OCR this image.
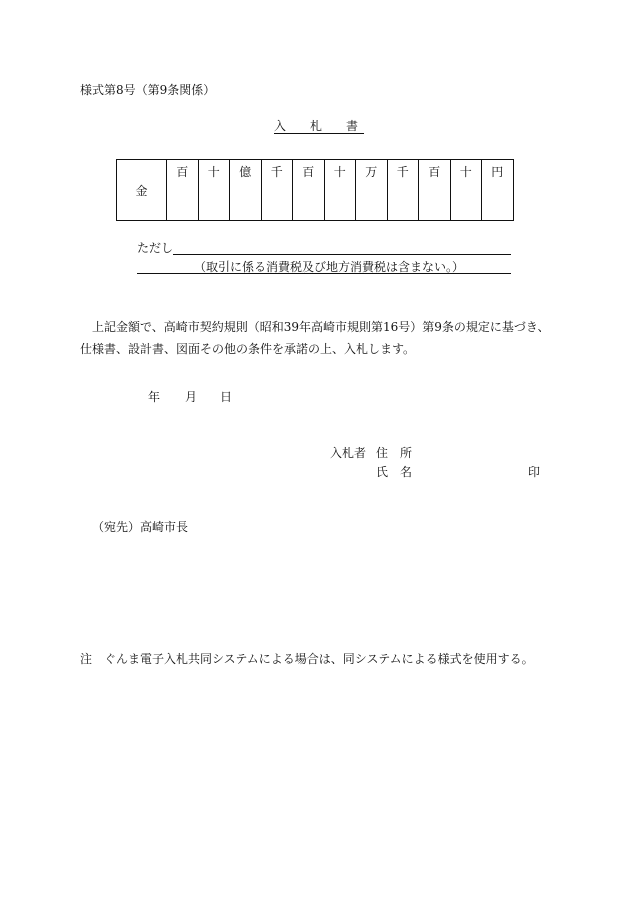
様式第8号（第9条関係）
入　札　書
金	百	十	億	千	百	十	万	千	百	十	円
ただし
（取引に係る消費税及び地方消費税は含まない。）
上記金額で、高崎市契約規則（昭和39年高崎市規則第16号）第9条の規定に基づき、仕様書、設計書、図面その他の条件を承諾の上、入札します。
年 月 日
入札者 住　所
氏　名	印
（宛先）高崎市長
注 ぐんま電子入札共同システムによる場合は、同システムによる様式を使用する。
